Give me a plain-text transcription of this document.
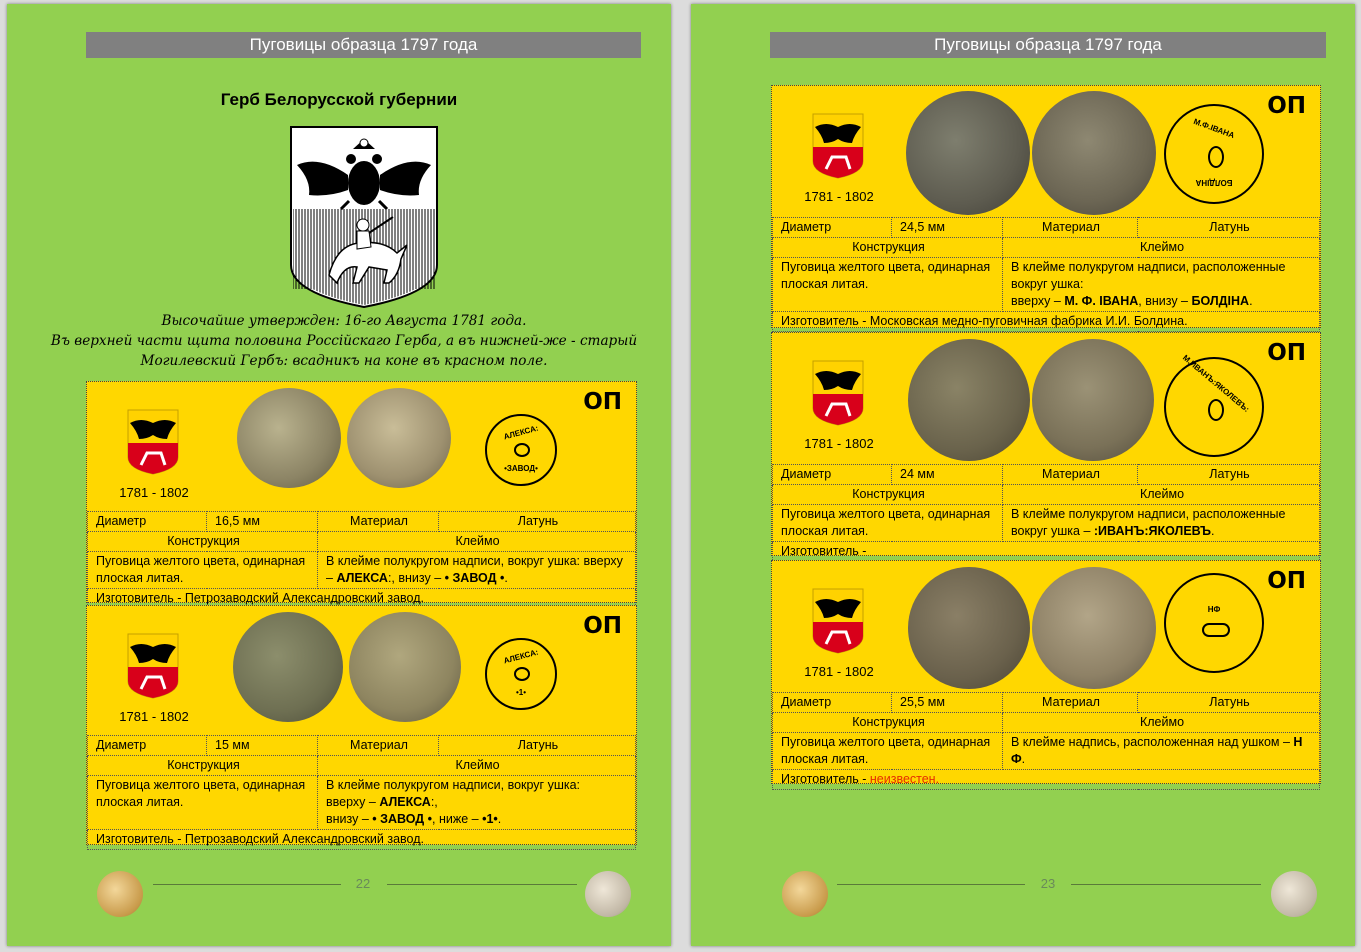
Пуговицы образца 1797 года
Герб Белорусской губернии
Высочайше утвержден: 16-го Августа 1781 года.
Въ верхней части щита половина Россiйскаго Герба, а въ нижней-же - старый
Могилевский Гербъ: всадникъ на коне въ красном поле.
1781 - 1802
АЛЕКСА:
•ЗАВОД•
ОП
Диаметр	16,5 мм	Материал	Латунь
Конструкция		Клеймо	
Пуговица желтого цвета, одинарная плоская литая.		В клейме полукругом надписи, вокруг ушка: вверху – АЛЕКСА:, внизу – • ЗАВОД •.	
Изготовитель - Петрозаводский Александровский завод.			
1781 - 1802
АЛЕКСА:
•1•
ОП
Диаметр	15 мм	Материал	Латунь
Конструкция		Клеймо	
Пуговица желтого цвета, одинарная плоская литая.		В клейме полукругом надписи, вокруг ушка:
вверху – АЛЕКСА:,
внизу – • ЗАВОД •, ниже – •1•.	

Изготовитель - Петрозаводский Александровский завод.			
22
Пуговицы образца 1797 года
1781 - 1802
М.Ф.IВАНА
БОЛДIНА
ОП
Диаметр	24,5 мм	Материал	Латунь
Конструкция		Клеймо	
Пуговица желтого цвета, одинарная плоская литая.		В клейме полукругом надписи, расположенные вокруг ушка:
вверху – М. Ф. IВАНА, внизу – БОЛДIНА.	

Изготовитель - Московская медно-пуговичная фабрика И.И. Болдина.			
1781 - 1802
М.ИВАНЪ:ЯКОЛЕВЪ:
ОП
Диаметр	24 мм	Материал	Латунь
Конструкция		Клеймо	
Пуговица желтого цвета, одинарная плоская литая.		В клейме полукругом надписи, расположенные вокруг ушка – :ИВАНЪ:ЯКОЛЕВЪ.	
Изготовитель -			
1781 - 1802
НФ
ОП
Диаметр	25,5 мм	Материал	Латунь
Конструкция		Клеймо	
Пуговица желтого цвета, одинарная плоская литая.		В клейме надпись, расположенная над ушком – Н Ф.	
Изготовитель - неизвестен.			
23
